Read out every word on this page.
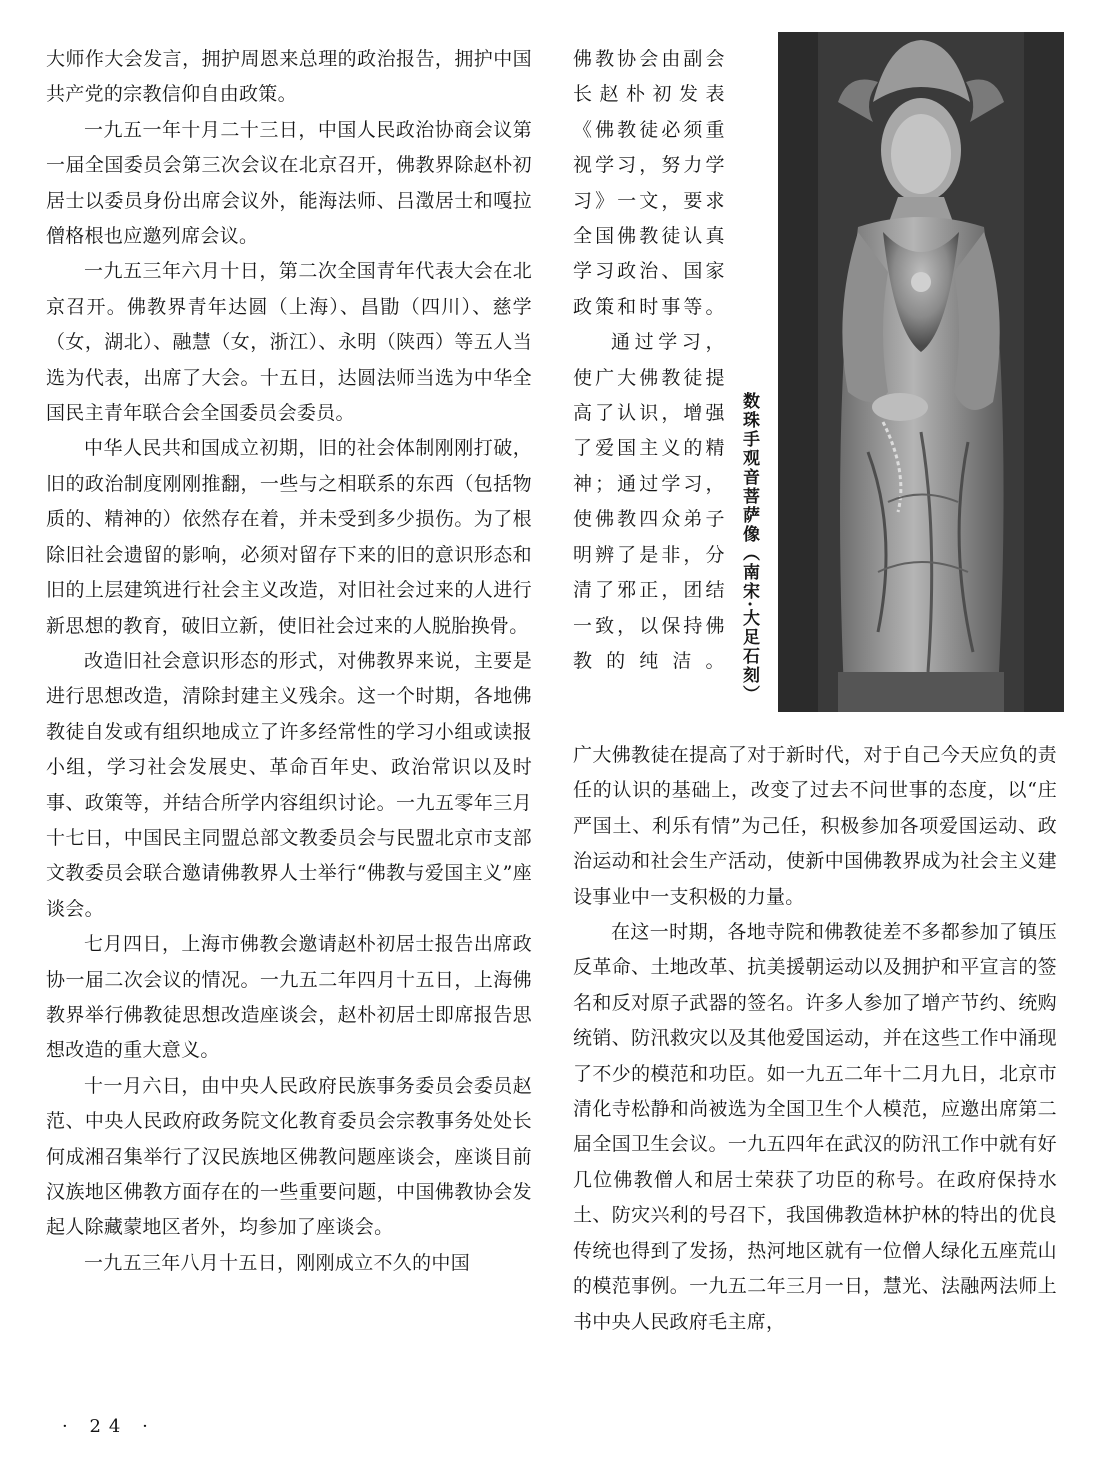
大师作大会发言，拥护周恩来总理的政治报告，拥护中国共产党的宗教信仰自由政策。

一九五一年十月二十三日，中国人民政治协商会议第一届全国委员会第三次会议在北京召开，佛教界除赵朴初居士以委员身份出席会议外，能海法师、吕澂居士和嘎拉僧格根也应邀列席会议。

一九五三年六月十日，第二次全国青年代表大会在北京召开。佛教界青年达圆（上海）、昌勖（四川）、慈学（女，湖北）、融慧（女，浙江）、永明（陕西）等五人当选为代表，出席了大会。十五日，达圆法师当选为中华全国民主青年联合会全国委员会委员。

中华人民共和国成立初期，旧的社会体制刚刚打破，旧的政治制度刚刚推翻，一些与之相联系的东西（包括物质的、精神的）依然存在着，并未受到多少损伤。为了根除旧社会遗留的影响，必须对留存下来的旧的意识形态和旧的上层建筑进行社会主义改造，对旧社会过来的人进行新思想的教育，破旧立新，使旧社会过来的人脱胎换骨。

改造旧社会意识形态的形式，对佛教界来说，主要是进行思想改造，清除封建主义残余。这一个时期，各地佛教徒自发或有组织地成立了许多经常性的学习小组或读报小组，学习社会发展史、革命百年史、政治常识以及时事、政策等，并结合所学内容组织讨论。一九五零年三月十七日，中国民主同盟总部文教委员会与民盟北京市支部文教委员会联合邀请佛教界人士举行“佛教与爱国主义”座谈会。

七月四日，上海市佛教会邀请赵朴初居士报告出席政协一届二次会议的情况。一九五二年四月十五日，上海佛教界举行佛教徒思想改造座谈会，赵朴初居士即席报告思想改造的重大意义。

十一月六日，由中央人民政府民族事务委员会委员赵范、中央人民政府政务院文化教育委员会宗教事务处处长何成湘召集举行了汉民族地区佛教问题座谈会，座谈目前汉族地区佛教方面存在的一些重要问题，中国佛教协会发起人除藏蒙地区者外，均参加了座谈会。

一九五三年八月十五日，刚刚成立不久的中国

佛教协会由副会长赵朴初发表《佛教徒必须重视学习，努力学习》一文，要求全国佛教徒认真学习政治、国家政策和时事等。

通过学习，使广大佛教徒提高了认识，增强了爱国主义的精神；通过学习，使佛教四众弟子明辨了是非，分清了邪正，团结一致，以保持佛教的纯洁。 数珠手观音菩萨像（南宋·大足石刻）

广大佛教徒在提高了对于新时代，对于自己今天应负的责任的认识的基础上，改变了过去不问世事的态度，以“庄严国土、利乐有情”为己任，积极参加各项爱国运动、政治运动和社会生产活动，使新中国佛教界成为社会主义建设事业中一支积极的力量。

在这一时期，各地寺院和佛教徒差不多都参加了镇压反革命、土地改革、抗美援朝运动以及拥护和平宣言的签名和反对原子武器的签名。许多人参加了增产节约、统购统销、防汛救灾以及其他爱国运动，并在这些工作中涌现了不少的模范和功臣。如一九五二年十二月九日，北京市清化寺松静和尚被选为全国卫生个人模范，应邀出席第二届全国卫生会议。一九五四年在武汉的防汛工作中就有好几位佛教僧人和居士荣获了功臣的称号。在政府保持水土、防灾兴利的号召下，我国佛教造林护林的特出的优良传统也得到了发扬，热河地区就有一位僧人绿化五座荒山的模范事例。一九五二年三月一日，慧光、法融两法师上书中央人民政府毛主席，

· 24 ·
